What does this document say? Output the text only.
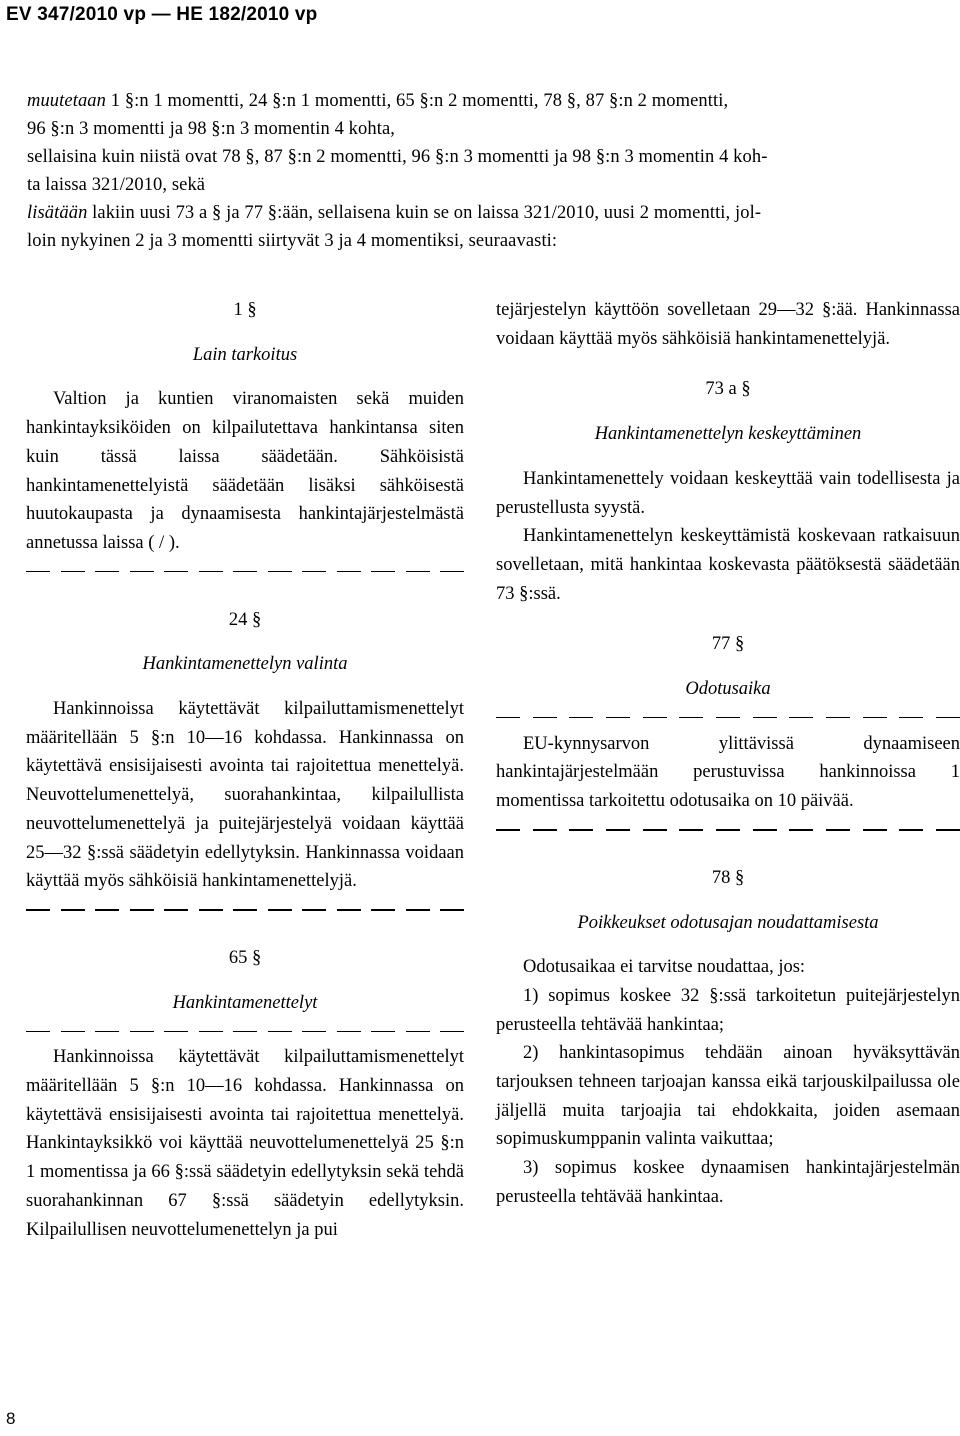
EV 347/2010 vp — HE 182/2010 vp

muutetaan 1 §:n 1 momentti, 24 §:n 1 momentti, 65 §:n 2 momentti, 78 §, 87 §:n 2 momentti,

96 §:n 3 momentti ja 98 §:n 3 momentin 4 kohta,

sellaisina kuin niistä ovat 78 §, 87 §:n 2 momentti, 96 §:n 3 momentti ja 98 §:n 3 momentin 4 koh-

ta laissa 321/2010, sekä

lisätään lakiin uusi 73 a § ja 77 §:ään, sellaisena kuin se on laissa 321/2010, uusi 2 momentti, jol-

loin nykyinen 2 ja 3 momentti siirtyvät 3 ja 4 momentiksi, seuraavasti:

1 §

Lain tarkoitus

Valtion ja kuntien viranomaisten sekä muiden hankintayksiköiden on kilpailutettava hankintansa siten kuin tässä laissa säädetään. Sähköisistä hankintamenettelyistä säädetään lisäksi sähköisestä huutokaupasta ja dynaamisesta hankintajärjestelmästä annetussa laissa ( / ).

24 §

Hankintamenettelyn valinta

Hankinnoissa käytettävät kilpailuttamismenettelyt määritellään 5 §:n 10—16 kohdassa. Hankinnassa on käytettävä ensisijaisesti avointa tai rajoitettua menettelyä. Neuvottelumenettelyä, suorahankintaa, kilpailullista neuvottelumenettelyä ja puitejärjestelyä voidaan käyttää 25—32 §:ssä säädetyin edellytyksin. Hankinnassa voidaan käyttää myös sähköisiä hankintamenettelyjä.

65 §

Hankintamenettelyt

Hankinnoissa käytettävät kilpailuttamismenettelyt määritellään 5 §:n 10—16 kohdassa. Hankinnassa on käytettävä ensisijaisesti avointa tai rajoitettua menettelyä. Hankintayksikkö voi käyttää neuvottelumenettelyä 25 §:n 1 momentissa ja 66 §:ssä säädetyin edellytyksin sekä tehdä suorahankinnan 67 §:ssä säädetyin edellytyksin. Kilpailullisen neuvottelumenettelyn ja pui

tejärjestelyn käyttöön sovelletaan 29—32 §:ää. Hankinnassa voidaan käyttää myös sähköisiä hankintamenettelyjä.

73 a §

Hankintamenettelyn keskeyttäminen

Hankintamenettely voidaan keskeyttää vain todellisesta ja perustellusta syystä.

Hankintamenettelyn keskeyttämistä koskevaan ratkaisuun sovelletaan, mitä hankintaa koskevasta päätöksestä säädetään 73 §:ssä.

77 §

Odotusaika

EU-kynnysarvon ylittävissä dynaamiseen hankintajärjestelmään perustuvissa hankinnoissa 1 momentissa tarkoitettu odotusaika on 10 päivää.

78 §

Poikkeukset odotusajan noudattamisesta

Odotusaikaa ei tarvitse noudattaa, jos:

1) sopimus koskee 32 §:ssä tarkoitetun puitejärjestelyn perusteella tehtävää hankintaa;

2) hankintasopimus tehdään ainoan hyväksyttävän tarjouksen tehneen tarjoajan kanssa eikä tarjouskilpailussa ole jäljellä muita tarjoajia tai ehdokkaita, joiden asemaan sopimuskumppanin valinta vaikuttaa;

3) sopimus koskee dynaamisen hankintajärjestelmän perusteella tehtävää hankintaa.

8
